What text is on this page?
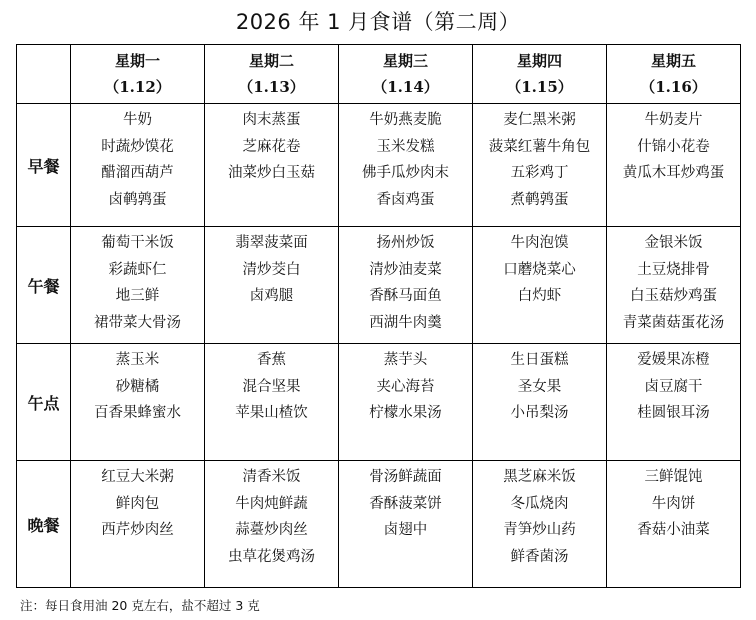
2026 年 1 月食谱（第二周）

	星期一
（1.12）	星期二
（1.13）	星期三
（1.14）	星期四
（1.15）	星期五
（1.16）

早餐	牛奶
时蔬炒馍花
醋溜西葫芦
卤鹌鹑蛋	肉末蒸蛋
芝麻花卷
油菜炒白玉菇	牛奶燕麦脆
玉米发糕
佛手瓜炒肉末
香卤鸡蛋	麦仁黑米粥
菠菜红薯牛角包
五彩鸡丁
煮鹌鹑蛋	牛奶麦片
什锦小花卷
黄瓜木耳炒鸡蛋

午餐	葡萄干米饭
彩蔬虾仁
地三鲜
裙带菜大骨汤	翡翠菠菜面
清炒茭白
卤鸡腿	扬州炒饭
清炒油麦菜
香酥马面鱼
西湖牛肉羹	牛肉泡馍
口蘑烧菜心
白灼虾	金银米饭
土豆烧排骨
白玉菇炒鸡蛋
青菜菌菇蛋花汤

午点	蒸玉米
砂糖橘
百香果蜂蜜水	香蕉
混合坚果
苹果山楂饮	蒸芋头
夹心海苔
柠檬水果汤	生日蛋糕
圣女果
小吊梨汤	爱媛果冻橙
卤豆腐干
桂圆银耳汤

晚餐	红豆大米粥
鲜肉包
西芹炒肉丝	清香米饭
牛肉炖鲜蔬
蒜薹炒肉丝
虫草花煲鸡汤	骨汤鲜蔬面
香酥菠菜饼
卤翅中	黑芝麻米饭
冬瓜烧肉
青笋炒山药
鲜香菌汤	三鲜馄饨
牛肉饼
香菇小油菜
注：每日食用油 20 克左右，盐不超过 3 克
